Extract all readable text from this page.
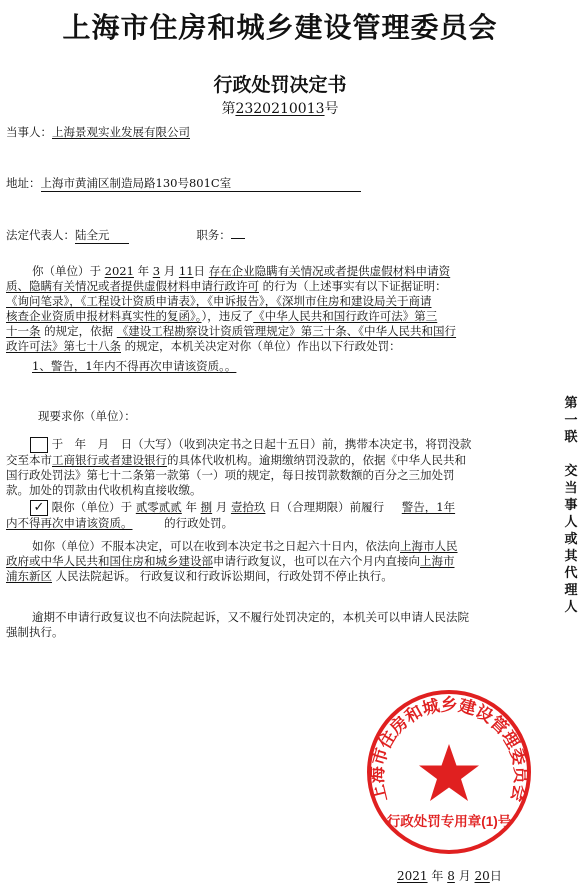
上海市住房和城乡建设管理委员会
行政处罚决定书
第2320210013号
当事人：上海景观实业发展有限公司
地址：上海市黄浦区制造局路130号801C室
法定代表人：陆全元	职务：
你（单位）于 2021 年 3 月 11日 存在企业隐瞒有关情况或者提供虚假材料申请资
质、隐瞒有关情况或者提供虚假材料申请行政许可 的行为（上述事实有以下证据证明：
《询问笔录》，《工程设计资质申请表》，《申诉报告》，《深圳市住房和建设局关于商请
核查企业资质申报材料真实性的复函》。），违反了《中华人民共和国行政许可法》第三
十一条 的规定，依据 《建设工程勘察设计资质管理规定》第三十条、《中华人民共和国行
政许可法》第七十八条 的规定，本机关决定对你（单位）作出以下行政处罚：
1、警告，1年内不得再次申请该资质。。
现要求你（单位）：
于　年　月　日（大写）（收到决定书之日起十五日）前，携带本决定书，将罚没款
交至本市工商银行或者建设银行的具体代收机构。逾期缴纳罚没款的，依据《中华人民共和
国行政处罚法》第七十二条第一款第（一）项的规定，每日按罚款数额的百分之三加处罚
款。加处的罚款由代收机构直接收缴。
✓ 限你（单位）于 贰零贰贰 年 捌 月 壹拾玖 日（合理期限）前履行 警告，1年
内不得再次申请该资质。	的行政处罚。
如你（单位）不服本决定，可以在收到本决定书之日起六十日内，依法向上海市人民
政府或中华人民共和国住房和城乡建设部申请行政复议，也可以在六个月内直接向上海市
浦东新区 人民法院起诉。 行政复议和行政诉讼期间，行政处罚不停止执行。
逾期不申请行政复议也不向法院起诉，又不履行处罚决定的，本机关可以申请人民法院
强制执行。
第
一
联

交
当
事
人
或
其
代
理
人
上海市住房和城乡建设管理委员会
行政处罚专用章(1)号
2021 年 8 月 20日
